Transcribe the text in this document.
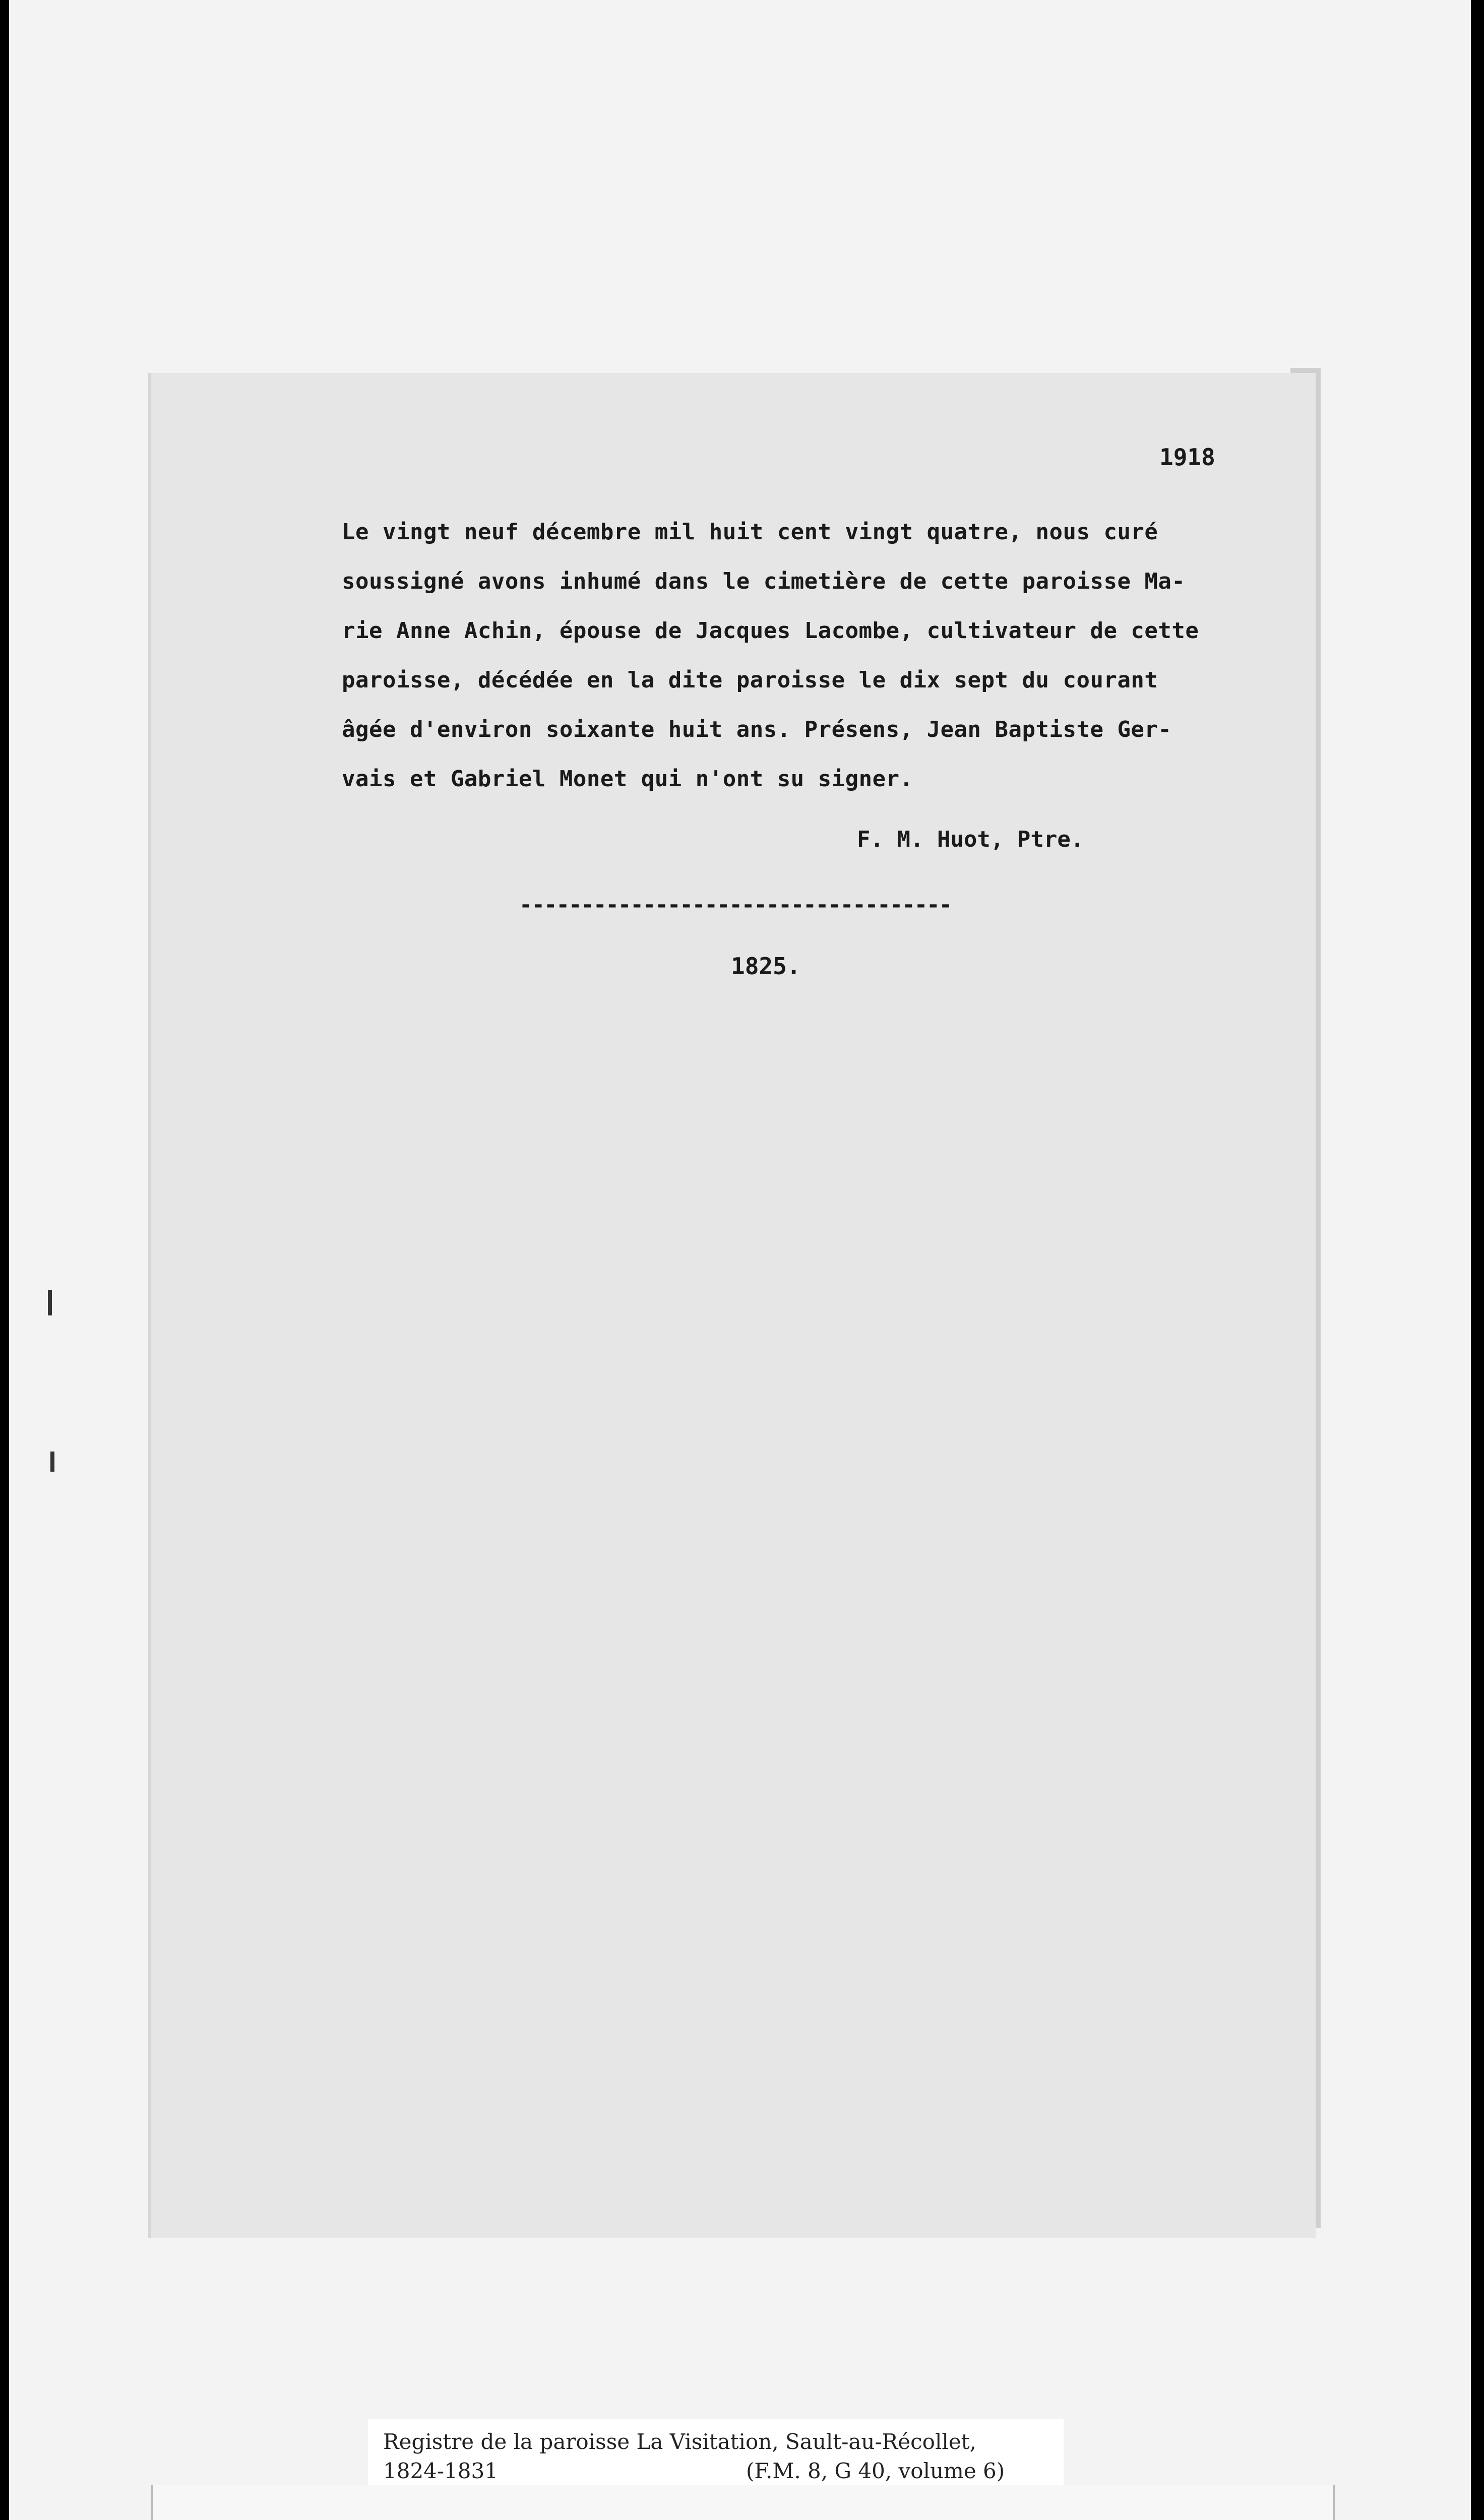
1918
Le vingt neuf décembre mil huit cent vingt quatre, nous curé
soussigné avons inhumé dans le cimetière de cette paroisse Ma-
rie Anne Achin, épouse de Jacques Lacombe, cultivateur de cette
paroisse, décédée en la dite paroisse le dix sept du courant
âgée d'environ soixante huit ans. Présens, Jean Baptiste Ger-
vais et Gabriel Monet qui n'ont su signer.
F. M. Huot, Ptre.
-----------------------------------
1825.
Registre de la paroisse La Visitation, Sault-au-Récollet,
1824-1831	(F.M. 8, G 40, volume 6)
